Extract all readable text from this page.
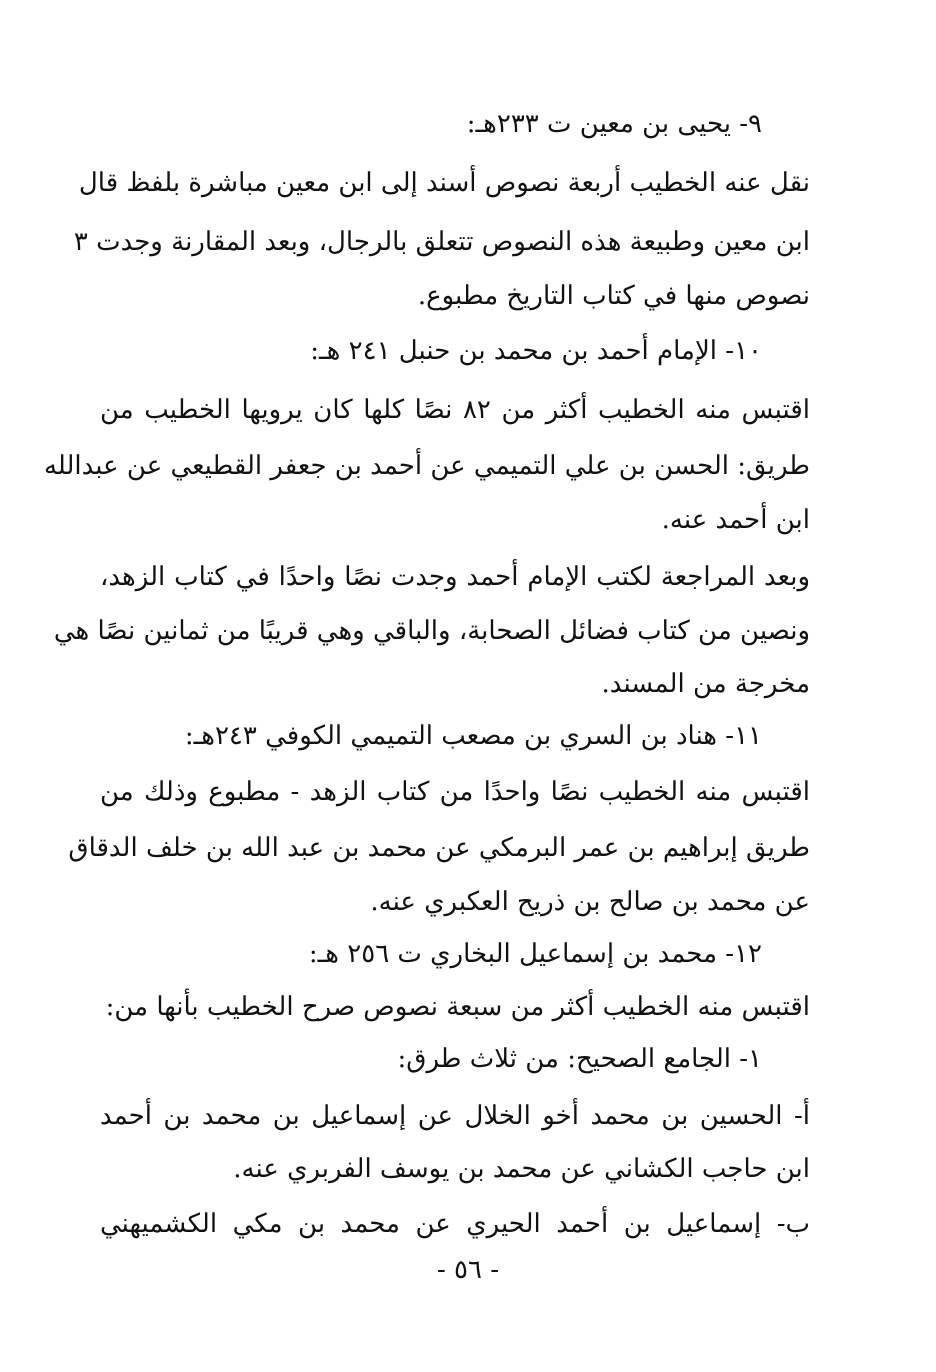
٩- يحيى بن معين ت ٢٣٣هـ:
نقل عنه الخطيب أربعة نصوص أسند إلى ابن معين مباشرة بلفظ قال
ابن معين وطبيعة هذه النصوص تتعلق بالرجال، وبعد المقارنة وجدت ٣
نصوص منها في كتاب التاريخ مطبوع.
١٠- الإمام أحمد بن محمد بن حنبل ٢٤١ هـ:
اقتبس منه الخطيب أكثر من ٨٢ نصًا كلها كان يرويها الخطيب من
طريق: الحسن بن علي التميمي عن أحمد بن جعفر القطيعي عن عبدالله
ابن أحمد عنه.
وبعد المراجعة لكتب الإمام أحمد وجدت نصًا واحدًا في كتاب الزهد،
ونصين من كتاب فضائل الصحابة، والباقي وهي قريبًا من ثمانين نصًا هي
مخرجة من المسند.
١١- هناد بن السري بن مصعب التميمي الكوفي ٢٤٣هـ:
اقتبس منه الخطيب نصًا واحدًا من كتاب الزهد - مطبوع وذلك من
طريق إبراهيم بن عمر البرمكي عن محمد بن عبد الله بن خلف الدقاق
عن محمد بن صالح بن ذريح العكبري عنه.
١٢- محمد بن إسماعيل البخاري ت ٢٥٦ هـ:
اقتبس منه الخطيب أكثر من سبعة نصوص صرح الخطيب بأنها من:
١- الجامع الصحيح: من ثلاث طرق:
أ- الحسين بن محمد أخو الخلال عن إسماعيل بن محمد بن أحمد
ابن حاجب الكشاني عن محمد بن يوسف الفربري عنه.
ب- إسماعيل بن أحمد الحيري عن محمد بن مكي الكشميهني
- ٥٦ -
